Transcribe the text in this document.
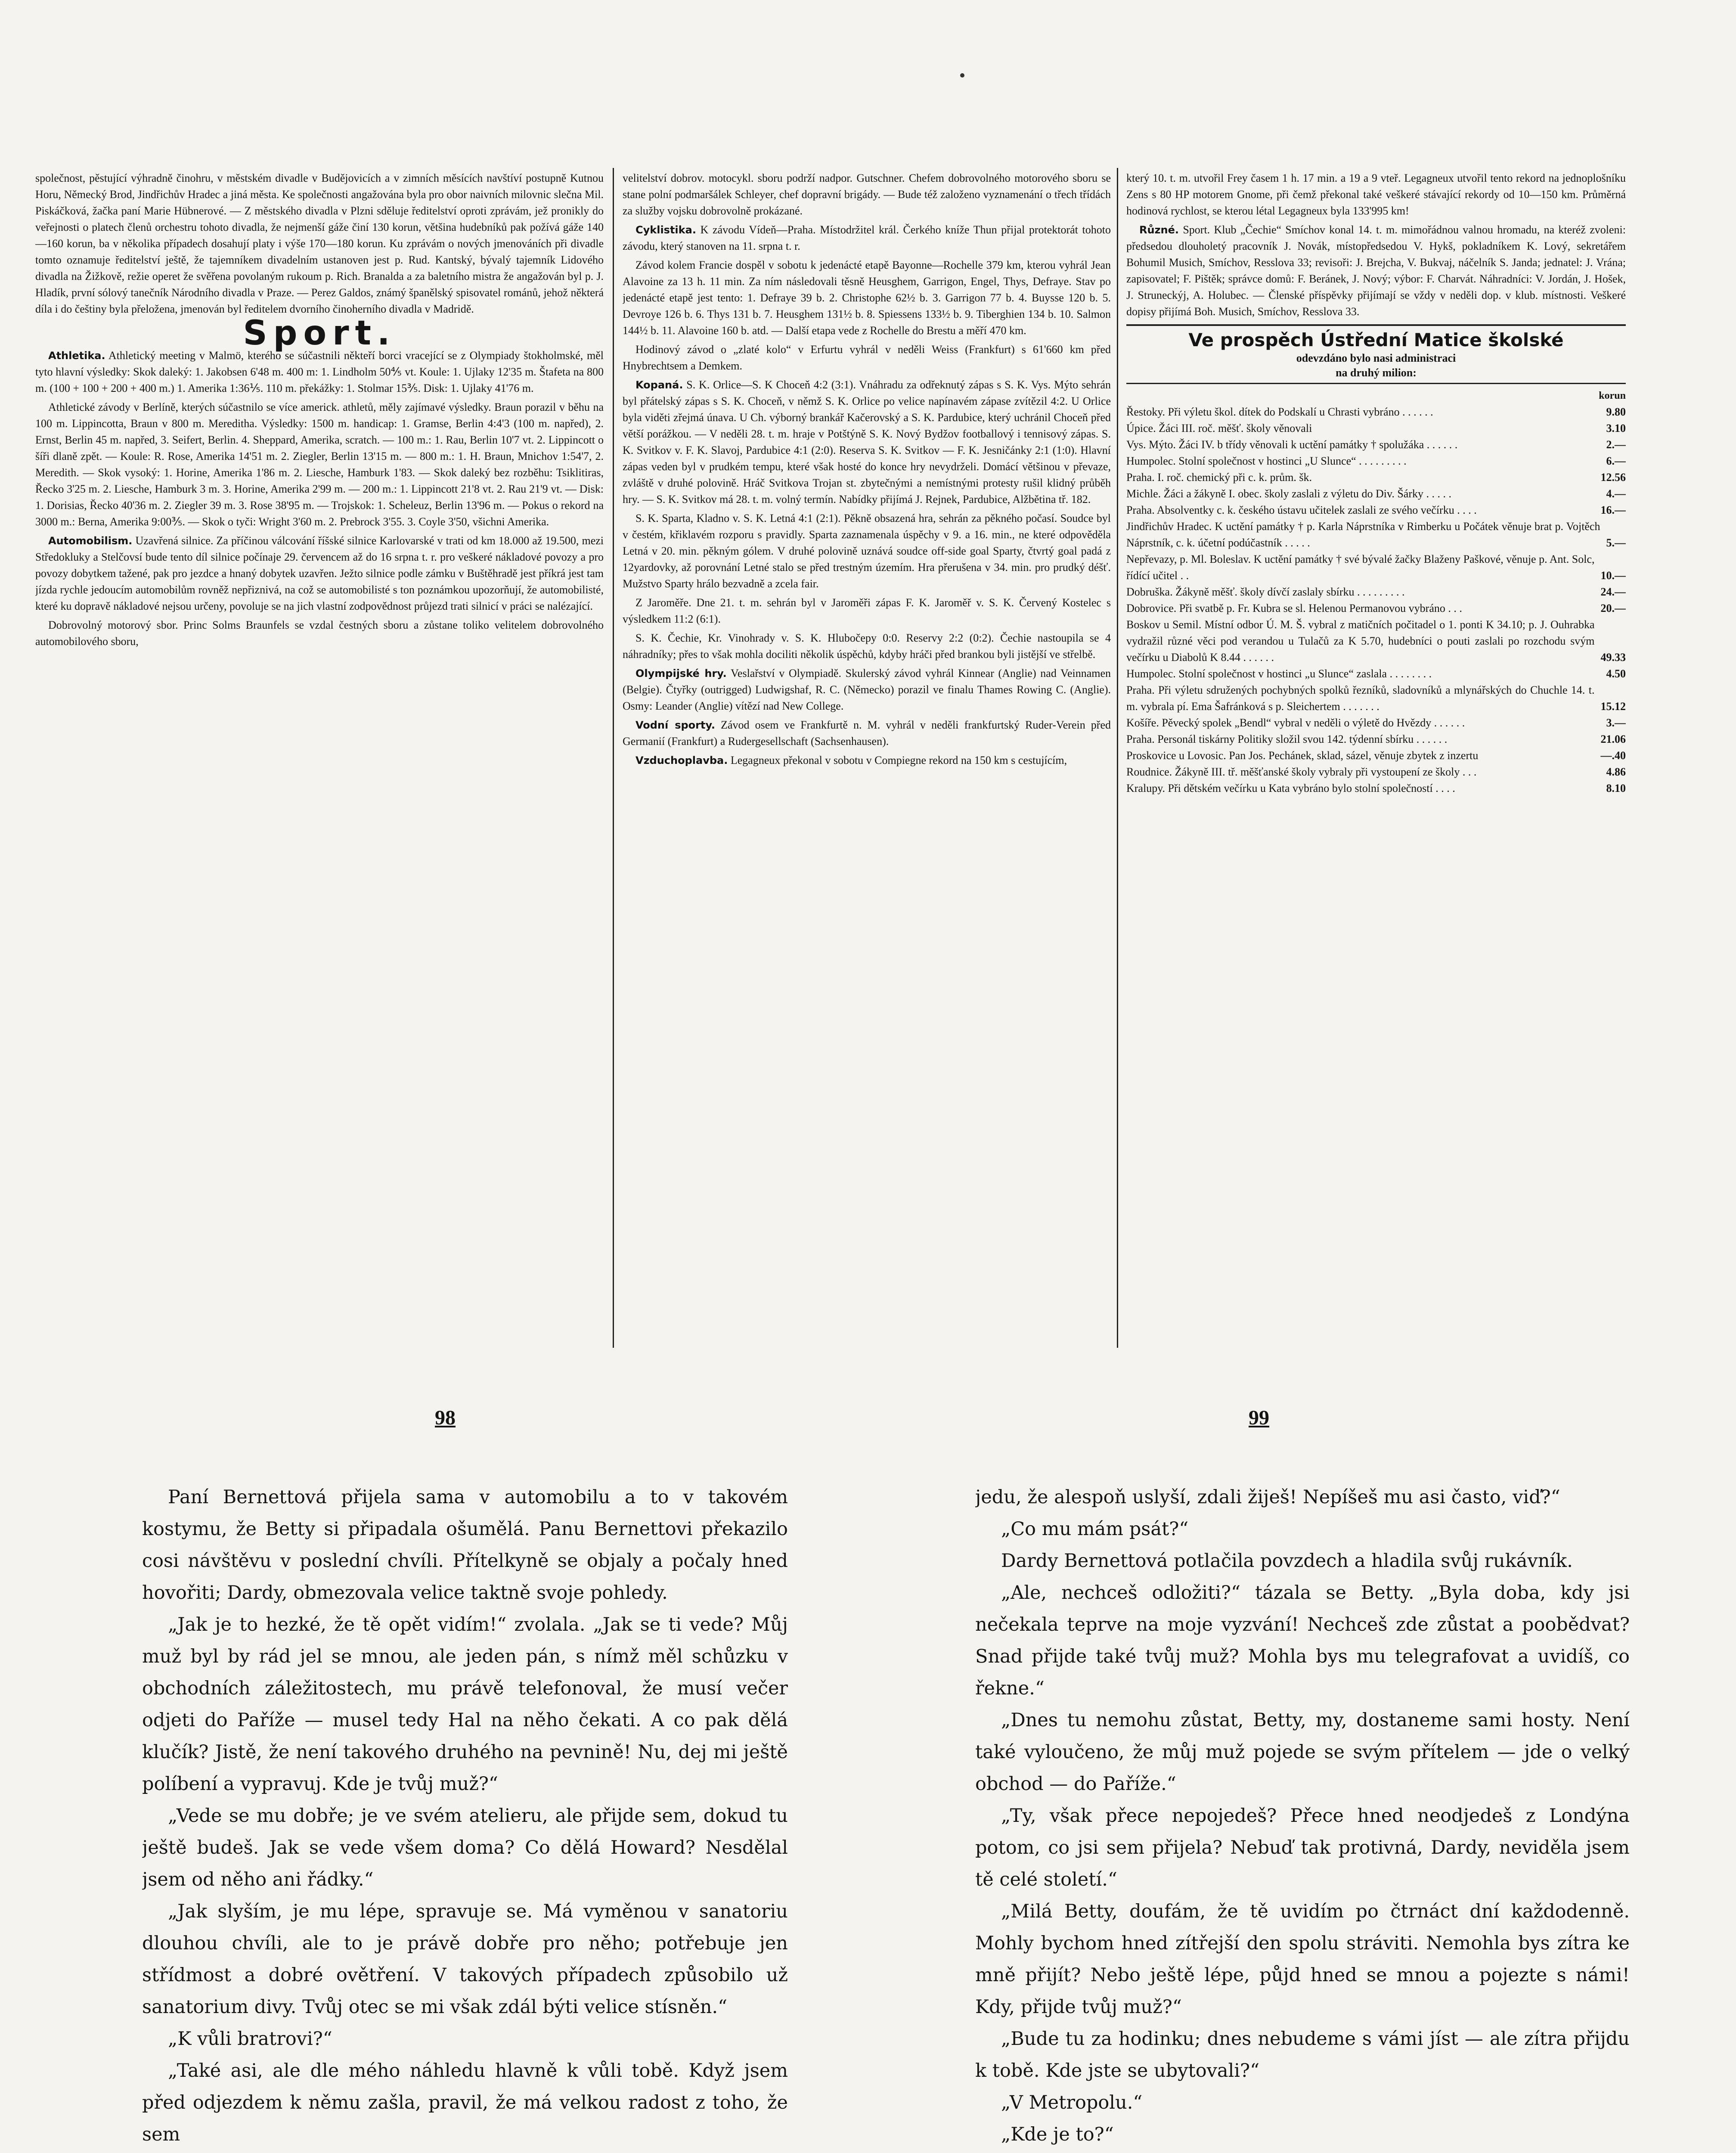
společnost, pěstující výhradně činohru, v městském divadle v Budějovicích a v zimních měsících navštíví postupně Kutnou Horu, Německý Brod, Jindřichův Hradec a jiná města. Ke společnosti angažována byla pro obor naivních milovnic slečna Mil. Piskáčková, žačka paní Marie Hübnerové. — Z městského divadla v Plzni sděluje ředitelství oproti zprávám, jež pronikly do veřejnosti o platech členů orchestru tohoto divadla, že nejmenší gáže činí 130 korun, většina hudebníků pak požívá gáže 140—160 korun, ba v několika případech dosahují platy i výše 170—180 korun. Ku zprávám o nových jmenováních při divadle tomto oznamuje ředitelství ještě, že tajemníkem divadelním ustanoven jest p. Rud. Kantský, bývalý tajemník Lidového divadla na Žižkově, režie operet že svěřena povolaným rukoum p. Rich. Branalda a za baletního mistra že angažován byl p. J. Hladík, první sólový tanečník Národního divadla v Praze. — Perez Galdos, známý španělský spisovatel románů, jehož některá díla i do češtiny byla přeložena, jmenován byl ředitelem dvorního činoherního divadla v Madridě.

Sport.

Athletika. Athletický meeting v Malmö, kterého se súčastnili někteří borci vracející se z Olympiady štokholmské, měl tyto hlavní výsledky: Skok daleký: 1. Jakobsen 6'48 m. 400 m: 1. Lindholm 50⅘ vt. Koule: 1. Ujlaky 12'35 m. Štafeta na 800 m. (100 + 100 + 200 + 400 m.) 1. Amerika 1:36⅕. 110 m. překážky: 1. Stolmar 15⅗. Disk: 1. Ujlaky 41'76 m.

Athletické závody v Berlíně, kterých súčastnilo se více americk. athletů, měly zajímavé výsledky. Braun porazil v běhu na 100 m. Lippincotta, Braun v 800 m. Mereditha. Výsledky: 1500 m. handicap: 1. Gramse, Berlin 4:4'3 (100 m. napřed), 2. Ernst, Berlin 45 m. napřed, 3. Seifert, Berlin. 4. Sheppard, Amerika, scratch. — 100 m.: 1. Rau, Berlin 10'7 vt. 2. Lippincott o šíři dlaně zpět. — Koule: R. Rose, Amerika 14'51 m. 2. Ziegler, Berlin 13'15 m. — 800 m.: 1. H. Braun, Mnichov 1:54'7, 2. Meredith. — Skok vysoký: 1. Horine, Amerika 1'86 m. 2. Liesche, Hamburk 1'83. — Skok daleký bez rozběhu: Tsiklitiras, Řecko 3'25 m. 2. Liesche, Hamburk 3 m. 3. Horine, Amerika 2'99 m. — 200 m.: 1. Lippincott 21'8 vt. 2. Rau 21'9 vt. — Disk: 1. Dorisias, Řecko 40'36 m. 2. Ziegler 39 m. 3. Rose 38'95 m. — Trojskok: 1. Scheleuz, Berlin 13'96 m. — Pokus o rekord na 3000 m.: Berna, Amerika 9:00⅗. — Skok o tyči: Wright 3'60 m. 2. Prebrock 3'55. 3. Coyle 3'50, všichni Amerika.

Automobilism. Uzavřená silnice. Za příčinou válcování říšské silnice Karlovarské v trati od km 18.000 až 19.500, mezi Středokluky a Stelčovsí bude tento díl silnice počínaje 29. červencem až do 16 srpna t. r. pro veškeré nákladové povozy a pro povozy dobytkem tažené, pak pro jezdce a hnaný dobytek uzavřen. Ježto silnice podle zámku v Buštěhradě jest příkrá jest tam jízda rychle jedoucím automobilům rovněž nepřiznivá, na což se automobilisté s ton poznámkou upozorňují, že automobilisté, které ku dopravě nákladové nejsou určeny, povoluje se na jich vlastní zodpovědnost průjezd trati silnicí v práci se nalézající.

Dobrovolný motorový sbor. Princ Solms Braunfels se vzdal čestných sboru a zůstane toliko velitelem dobrovolného automobilového sboru,

velitelství dobrov. motocykl. sboru podrží nadpor. Gutschner. Chefem dobrovolného motorového sboru se stane polní podmaršálek Schleyer, chef dopravní brigády. — Bude též založeno vyznamenání o třech třídách za služby vojsku dobrovolně prokázané.

Cyklistika. K závodu Vídeň—Praha. Místodržitel král. Čerkého kníže Thun přijal protektorát tohoto závodu, který stanoven na 11. srpna t. r.

Závod kolem Francie dospěl v sobotu k jedenácté etapě Bayonne—Rochelle 379 km, kterou vyhrál Jean Alavoine za 13 h. 11 min. Za ním následovali těsně Heusghem, Garrigon, Engel, Thys, Defraye. Stav po jedenácté etapě jest tento: 1. Defraye 39 b. 2. Christophe 62½ b. 3. Garrigon 77 b. 4. Buysse 120 b. 5. Devroye 126 b. 6. Thys 131 b. 7. Heusghem 131½ b. 8. Spiessens 133½ b. 9. Tiberghien 134 b. 10. Salmon 144½ b. 11. Alavoine 160 b. atd. — Další etapa vede z Rochelle do Brestu a měří 470 km.

Hodinový závod o „zlaté kolo“ v Erfurtu vyhrál v neděli Weiss (Frankfurt) s 61'660 km před Hnybrechtsem a Demkem.

Kopaná. S. K. Orlice—S. K Choceň 4:2 (3:1). Vnáhradu za odřeknutý zápas s S. K. Vys. Mýto sehrán byl přátelský zápas s S. K. Choceň, v němž S. K. Orlice po velice napínavém zápase zvítězil 4:2. U Orlice byla viděti zřejmá únava. U Ch. výborný brankář Kačerovský a S. K. Pardubice, který uchránil Choceň před větší porážkou. — V neděli 28. t. m. hraje v Potštýně S. K. Nový Bydžov footballový i tennisový zápas. S. K. Svitkov v. F. K. Slavoj, Pardubice 4:1 (2:0). Reserva S. K. Svitkov — F. K. Jesničánky 2:1 (1:0). Hlavní zápas veden byl v prudkém tempu, které však hosté do konce hry nevydrželi. Domácí většinou v převaze, zvláště v druhé polovině. Hráč Svitkova Trojan st. zbytečnými a nemístnými protesty rušil klidný průběh hry. — S. K. Svitkov má 28. t. m. volný termín. Nabídky přijímá J. Rejnek, Pardubice, Alžbětina tř. 182.

S. K. Sparta, Kladno v. S. K. Letná 4:1 (2:1). Pěkně obsazená hra, sehrán za pěkného počasí. Soudce byl v čestém, křiklavém rozporu s pravidly. Sparta zaznamenala úspěchy v 9. a 16. min., ne které odpověděla Letná v 20. min. pěkným gólem. V druhé polovině uznává soudce off-side goal Sparty, čtvrtý goal padá z 12yardovky, až porovnání Letné stalo se před trestným územím. Hra přerušena v 34. min. pro prudký déšť. Mužstvo Sparty hrálo bezvadně a zcela fair.

Z Jaroměře. Dne 21. t. m. sehrán byl v Jaroměři zápas F. K. Jaroměř v. S. K. Červený Kostelec s výsledkem 11:2 (6:1).

S. K. Čechie, Kr. Vinohrady v. S. K. Hlubočepy 0:0. Reservy 2:2 (0:2). Čechie nastoupila se 4 náhradníky; přes to však mohla dociliti několik úspěchů, kdyby hráči před brankou byli jistější ve střelbě.

Olympijské hry. Veslařství v Olympiadě. Skulerský závod vyhrál Kinnear (Anglie) nad Veinnamen (Belgie). Čtyřky (outrigged) Ludwigshaf, R. C. (Německo) porazil ve finalu Thames Rowing C. (Anglie). Osmy: Leander (Anglie) vítězí nad New College.

Vodní sporty. Závod osem ve Frankfurtě n. M. vyhrál v neděli frankfurtský Ruder-Verein před Germanií (Frankfurt) a Rudergesellschaft (Sachsenhausen).

Vzduchoplavba. Legagneux překonal v sobotu v Compiegne rekord na 150 km s cestujícím,

který 10. t. m. utvořil Frey časem 1 h. 17 min. a 19 a 9 vteř. Legagneux utvořil tento rekord na jednoplošníku Zens s 80 HP motorem Gnome, při čemž překonal také veškeré stávající rekordy od 10—150 km. Průměrná hodinová rychlost, se kterou létal Legagneux byla 133'995 km!

Různé. Sport. Klub „Čechie“ Smíchov konal 14. t. m. mimořádnou valnou hromadu, na kteréž zvoleni: předsedou dlouholetý pracovník J. Novák, místopředsedou V. Hykš, pokladníkem K. Lový, sekretářem Bohumil Musich, Smíchov, Resslova 33; revisoři: J. Brejcha, V. Bukvaj, náčelník S. Janda; jednatel: J. Vrána; zapisovatel; F. Pištěk; správce domů: F. Beránek, J. Nový; výbor: F. Charvát. Náhradníci: V. Jordán, J. Hošek, J. Struneckýj, A. Holubec. — Členské příspěvky přijímají se vždy v neděli dop. v klub. místnosti. Veškeré dopisy přijímá Boh. Musich, Smíchov, Resslova 33.

Ve prospěch Ústřední Matice školské
odevzdáno bylo nasi administraci
na druhý milion:
korun
Řestoky. Při výletu škol. dítek do Podskalí u Chrasti vybráno . . . . . .	9.80
Úpice. Žáci III. roč. měšť. školy věnovali	3.10
Vys. Mýto. Žáci IV. b třídy věnovali k uctění památky † spolužáka . . . . . .	2.—
Humpolec. Stolní společnost v hostinci „U Slunce“ . . . . . . . . .	6.—
Praha. I. roč. chemický při c. k. prům. šk.	12.56
Michle. Žáci a žákyně I. obec. školy zaslali z výletu do Div. Šárky . . . . .	4.—
Praha. Absolventky c. k. českého ústavu učitelek zaslali ze svého večírku . . . .	16.—
Jindřichův Hradec. K uctění památky † p. Karla Náprstníka v Rimberku u Počátek věnuje brat p. Vojtěch Náprstník, c. k. účetní podúčastník . . . . .	5.—
Nepřevazy, p. Ml. Boleslav. K uctění památky † své bývalé žačky Blaženy Paškové, věnuje p. Ant. Solc, řídící učitel . .	10.—
Dobruška. Žákyně měšť. školy dívčí zaslaly sbírku . . . . . . . . .	24.—
Dobrovice. Při svatbě p. Fr. Kubra se sl. Helenou Permanovou vybráno . . .	20.—
Boskov u Semil. Místní odbor Ú. M. Š. vybral z matičních počitadel o 1. ponti K 34.10; p. J. Ouhrabka vydražil různé věci pod verandou u Tulačů za K 5.70, hudebníci o pouti zaslali po rozchodu svým večírku u Diabolů K 8.44 . . . . . .	49.33
Humpolec. Stolní společnost v hostinci „u Slunce“ zaslala . . . . . . . .	4.50
Praha. Při výletu sdružených pochybných spolků řezníků, sladovníků a mlynářských do Chuchle 14. t. m. vybrala pí. Ema Šafránková s p. Sleichertem . . . . . . .	15.12
Košíře. Pěvecký spolek „Bendl“ vybral v neděli o výletě do Hvězdy . . . . . .	3.—
Praha. Personál tiskárny Politiky složil svou 142. týdenní sbírku . . . . . .	21.06
Proskovice u Lovosic. Pan Jos. Pechánek, sklad, sázel, věnuje zbytek z inzertu	—.40
Roudnice. Žákyně III. tř. měšťanské školy vybraly při vystoupení ze školy . . .	4.86
Kralupy. Při dětském večírku u Kata vybráno bylo stolní společností . . . .	8.10
98	99

Paní Bernettová přijela sama v automobilu a to v takovém kostymu, že Betty si připadala ošumělá. Panu Bernettovi překazilo cosi návštěvu v poslední chvíli. Přítelkyně se objaly a počaly hned hovořiti; Dardy, obmezovala velice taktně svoje pohledy.

„Jak je to hezké, že tě opět vidím!“ zvolala. „Jak se ti vede? Můj muž byl by rád jel se mnou, ale jeden pán, s nímž měl schůzku v obchodních záležitostech, mu právě telefonoval, že musí večer odjeti do Paříže — musel tedy Hal na něho čekati. A co pak dělá klučík? Jistě, že není takového druhého na pevnině! Nu, dej mi ještě políbení a vypravuj. Kde je tvůj muž?“

„Vede se mu dobře; je ve svém atelieru, ale přijde sem, dokud tu ještě budeš. Jak se vede všem doma? Co dělá Howard? Nesdělal jsem od něho ani řádky.“

„Jak slyším, je mu lépe, spravuje se. Má vyměnou v sanatoriu dlouhou chvíli, ale to je právě dobře pro něho; potřebuje jen střídmost a dobré ovětření. V takových případech způsobilo už sanatorium divy. Tvůj otec se mi však zdál býti velice stísněn.“

„K vůli bratrovi?“

„Také asi, ale dle mého náhledu hlavně k vůli tobě. Když jsem před odjezdem k němu zašla, pravil, že má velkou radost z toho, že sem

jedu, že alespoň uslyší, zdali žiješ! Nepíšeš mu asi často, viď?“

„Co mu mám psát?“

Dardy Bernettová potlačila povzdech a hladila svůj rukávník.

„Ale, nechceš odložiti?“ tázala se Betty. „Byla doba, kdy jsi nečekala teprve na moje vyzvání! Nechceš zde zůstat a poobědvat? Snad přijde také tvůj muž? Mohla bys mu telegrafovat a uvidíš, co řekne.“

„Dnes tu nemohu zůstat, Betty, my, dostaneme sami hosty. Není také vyloučeno, že můj muž pojede se svým přítelem — jde o velký obchod — do Paříže.“

„Ty, však přece nepojedeš? Přece hned neodjedeš z Londýna potom, co jsi sem přijela? Nebuď tak protivná, Dardy, neviděla jsem tě celé století.“

„Milá Betty, doufám, že tě uvidím po čtrnáct dní každodenně. Mohly bychom hned zítřejší den spolu stráviti. Nemohla bys zítra ke mně přijít? Nebo ještě lépe, půjd hned se mnou a pojezte s námi! Kdy, přijde tvůj muž?“

„Bude tu za hodinku; dnes nebudeme s vámi jíst — ale zítra přijdu k tobě. Kde jste se ubytovali?“

„V Metropolu.“

„Kde je to?“
